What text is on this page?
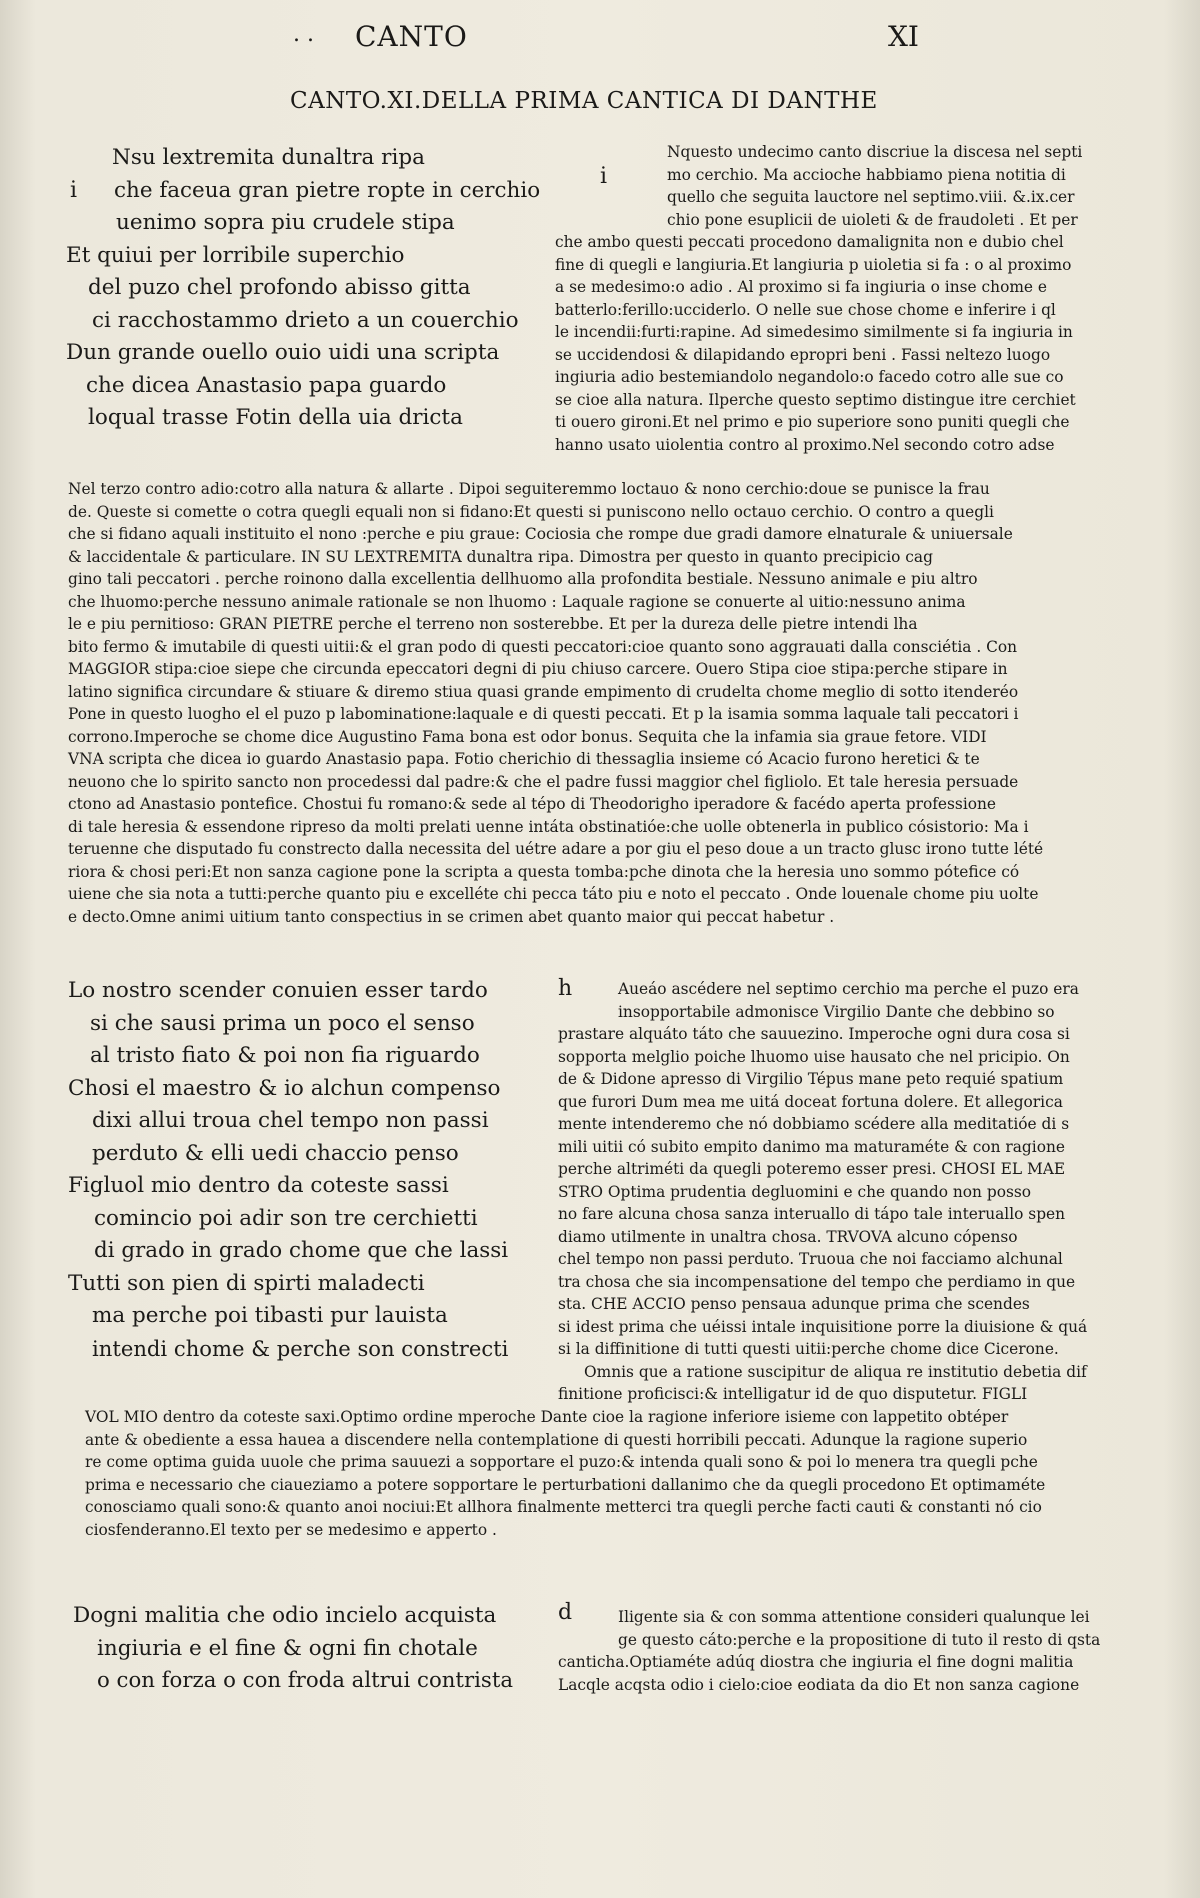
. . CANTO	XI
CANTO.XI.DELLA PRIMA CANTICA DI DANTHE
i
Nsu lextremita dunaltra ripa
che faceua gran pietre ropte in cerchio
uenimo sopra piu crudele stipa
Et quiui per lorribile superchio
del puzo chel profondo abisso gitta
ci racchostammo drieto a un couerchio
Dun grande ouello ouio uidi una scripta
che dicea Anastasio papa guardo
loqual trasse Fotin della uia dricta
i
Nquesto undecimo canto discriue la discesa nel septi
mo cerchio. Ma accioche habbiamo piena notitia di
quello che seguita lauctore nel septimo.viii. &.ix.cer
chio pone esuplicii de uioleti & de fraudoleti . Et per
che ambo questi peccati procedono damalignita non e dubio chel
fine di quegli e langiuria.Et langiuria p uioletia si fa : o al proximo
a se medesimo:o adio . Al proximo si fa ingiuria o inse chome e
batterlo:ferillo:ucciderlo. O nelle sue chose chome e inferire i ql
le incendii:furti:rapine. Ad simedesimo similmente si fa ingiuria in
se uccidendosi & dilapidando epropri beni . Fassi neltezo luogo
ingiuria adio bestemiandolo negandolo:o facedo cotro alle sue co
se cioe alla natura. Ilperche questo septimo distingue itre cerchiet
ti ouero gironi.Et nel primo e pio superiore sono puniti quegli che
hanno usato uiolentia contro al proximo.Nel secondo cotro adse
Nel terzo contro adio:cotro alla natura & allarte . Dipoi seguiteremmo loctauo & nono cerchio:doue se punisce la frau
de. Queste si comette o cotra quegli equali non si fidano:Et questi si puniscono nello octauo cerchio. O contro a quegli
che si fidano aquali instituito el nono :perche e piu graue: Cociosia che rompe due gradi damore elnaturale & uniuersale
& laccidentale & particulare. IN SU LEXTREMITA dunaltra ripa. Dimostra per questo in quanto precipicio cag
gino tali peccatori . perche roinono dalla excellentia dellhuomo alla profondita bestiale. Nessuno animale e piu altro
che lhuomo:perche nessuno animale rationale se non lhuomo : Laquale ragione se conuerte al uitio:nessuno anima
le e piu pernitioso: GRAN PIETRE perche el terreno non sosterebbe. Et per la dureza delle pietre intendi lha
bito fermo & imutabile di questi uitii:& el gran podo di questi peccatori:cioe quanto sono aggrauati dalla consciétia . Con
MAGGIOR stipa:cioe siepe che circunda epeccatori degni di piu chiuso carcere. Ouero Stipa cioe stipa:perche stipare in
latino significa circundare & stiuare & diremo stiua quasi grande empimento di crudelta chome meglio di sotto itenderéo
Pone in questo luogho el el puzo p labominatione:laquale e di questi peccati. Et p la isamia somma laquale tali peccatori i
corrono.Imperoche se chome dice Augustino Fama bona est odor bonus. Sequita che la infamia sia graue fetore. VIDI
VNA scripta che dicea io guardo Anastasio papa. Fotio cherichio di thessaglia insieme có Acacio furono heretici & te
neuono che lo spirito sancto non procedessi dal padre:& che el padre fussi maggior chel figliolo. Et tale heresia persuade
ctono ad Anastasio pontefice. Chostui fu romano:& sede al tépo di Theodorigho iperadore & facédo aperta professione
di tale heresia & essendone ripreso da molti prelati uenne intáta obstinatióe:che uolle obtenerla in publico cósistorio: Ma i
teruenne che disputado fu constrecto dalla necessita del uétre adare a por giu el peso doue a un tracto glusc irono tutte lété
riora & chosi peri:Et non sanza cagione pone la scripta a questa tomba:pche dinota che la heresia uno sommo pótefice có
uiene che sia nota a tutti:perche quanto piu e excelléte chi pecca táto piu e noto el peccato . Onde louenale chome piu uolte
e decto.Omne animi uitium tanto conspectius in se crimen abet quanto maior qui peccat habetur .
Lo nostro scender conuien esser tardo
si che sausi prima un poco el senso
al tristo fiato & poi non fia riguardo
Chosi el maestro & io alchun compenso
dixi allui troua chel tempo non passi
perduto & elli uedi chaccio penso
Figluol mio dentro da coteste sassi
comincio poi adir son tre cerchietti
di grado in grado chome que che lassi
Tutti son pien di spirti maladecti
ma perche poi tibasti pur lauista
intendi chome & perche son constrecti
h	Aueáo ascédere nel septimo cerchio ma perche el puzo era
insopportabile admonisce Virgilio Dante che debbino so
prastare alquáto táto che sauuezino. Imperoche ogni dura cosa si
sopporta melglio poiche lhuomo uise hausato che nel pricipio. On
de & Didone apresso di Virgilio Tépus mane peto requié spatium
que furori Dum mea me uitá doceat fortuna dolere. Et allegorica
mente intenderemo che nó dobbiamo scédere alla meditatióe di s
mili uitii có subito empito danimo ma maturaméte & con ragione
perche altriméti da quegli poteremo esser presi. CHOSI EL MAE
STRO Optima prudentia degluomini e che quando non posso
no fare alcuna chosa sanza interuallo di tápo tale interuallo spen
diamo utilmente in unaltra chosa. TRVOVA alcuno cópenso
chel tempo non passi perduto. Truoua che noi facciamo alchunal
tra chosa che sia incompensatione del tempo che perdiamo in que
sta. CHE ACCIO penso pensaua adunque prima che scendes
si idest prima che uéissi intale inquisitione porre la diuisione & quá
si la diffinitione di tutti questi uitii:perche chome dice Cicerone.
Omnis que a ratione suscipitur de aliqua re institutio debetia dif
finitione proficisci:& intelligatur id de quo disputetur. FIGLI
VOL MIO dentro da coteste saxi.Optimo ordine mperoche Dante cioe la ragione inferiore isieme con lappetito obtéper
ante & obediente a essa hauea a discendere nella contemplatione di questi horribili peccati. Adunque la ragione superio
re come optima guida uuole che prima sauuezi a sopportare el puzo:& intenda quali sono & poi lo menera tra quegli pche
prima e necessario che ciaueziamo a potere sopportare le perturbationi dallanimo che da quegli procedono Et optimaméte
conosciamo quali sono:& quanto anoi nociui:Et allhora finalmente metterci tra quegli perche facti cauti & constanti nó cio
ciosfenderanno.El texto per se medesimo e apperto .
Dogni malitia che odio incielo acquista
ingiuria e el fine & ogni fin chotale
o con forza o con froda altrui contrista
d	Iligente sia & con somma attentione consideri qualunque lei
ge questo cáto:perche e la propositione di tuto il resto di qsta
canticha.Optiaméte adúq diostra che ingiuria el fine dogni malitia
Lacqle acqsta odio i cielo:cioe eodiata da dio Et non sanza cagione
